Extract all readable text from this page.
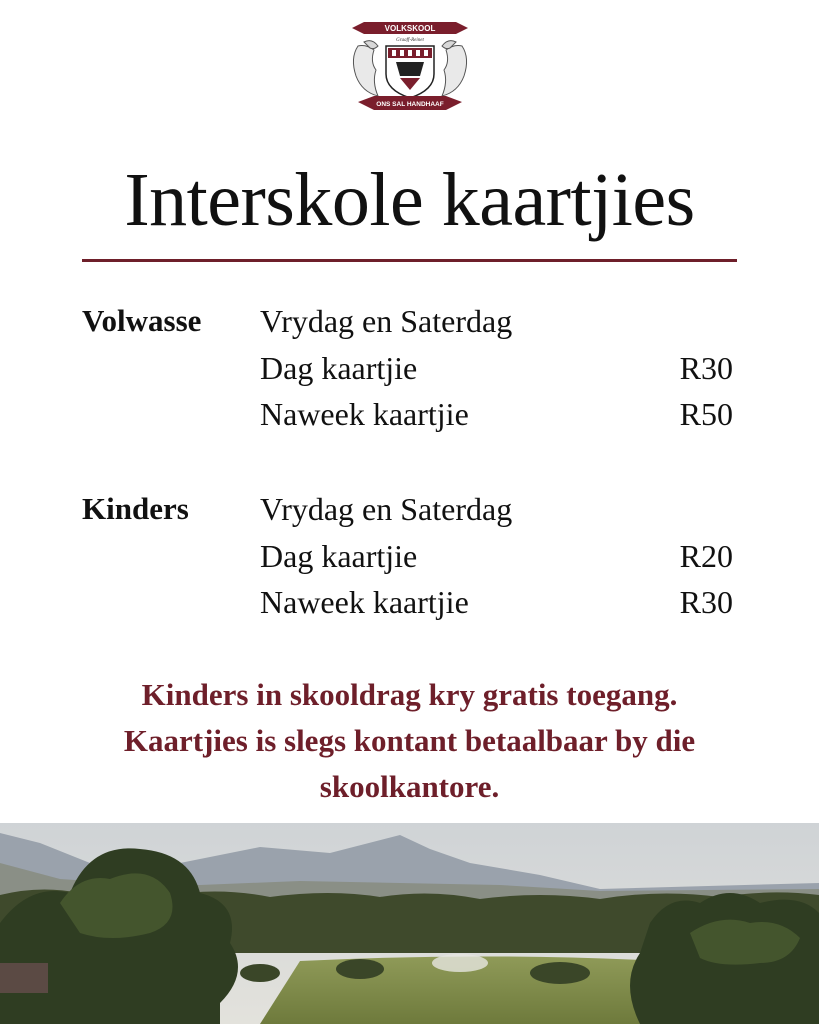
VOLKSKOOL
Graaff-Reinet
ONS SAL HANDHAAF
Interskole kaartjies
Volwasse Vrydag en Saterdag
Dag kaartjie	R30
Naweek kaartjie	R50
Kinders Vrydag en Saterdag
Dag kaartjie	R20
Naweek kaartjie	R30
Kinders in skooldrag kry gratis toegang.
Kaartjies is slegs kontant betaalbaar by die
skoolkantore.
